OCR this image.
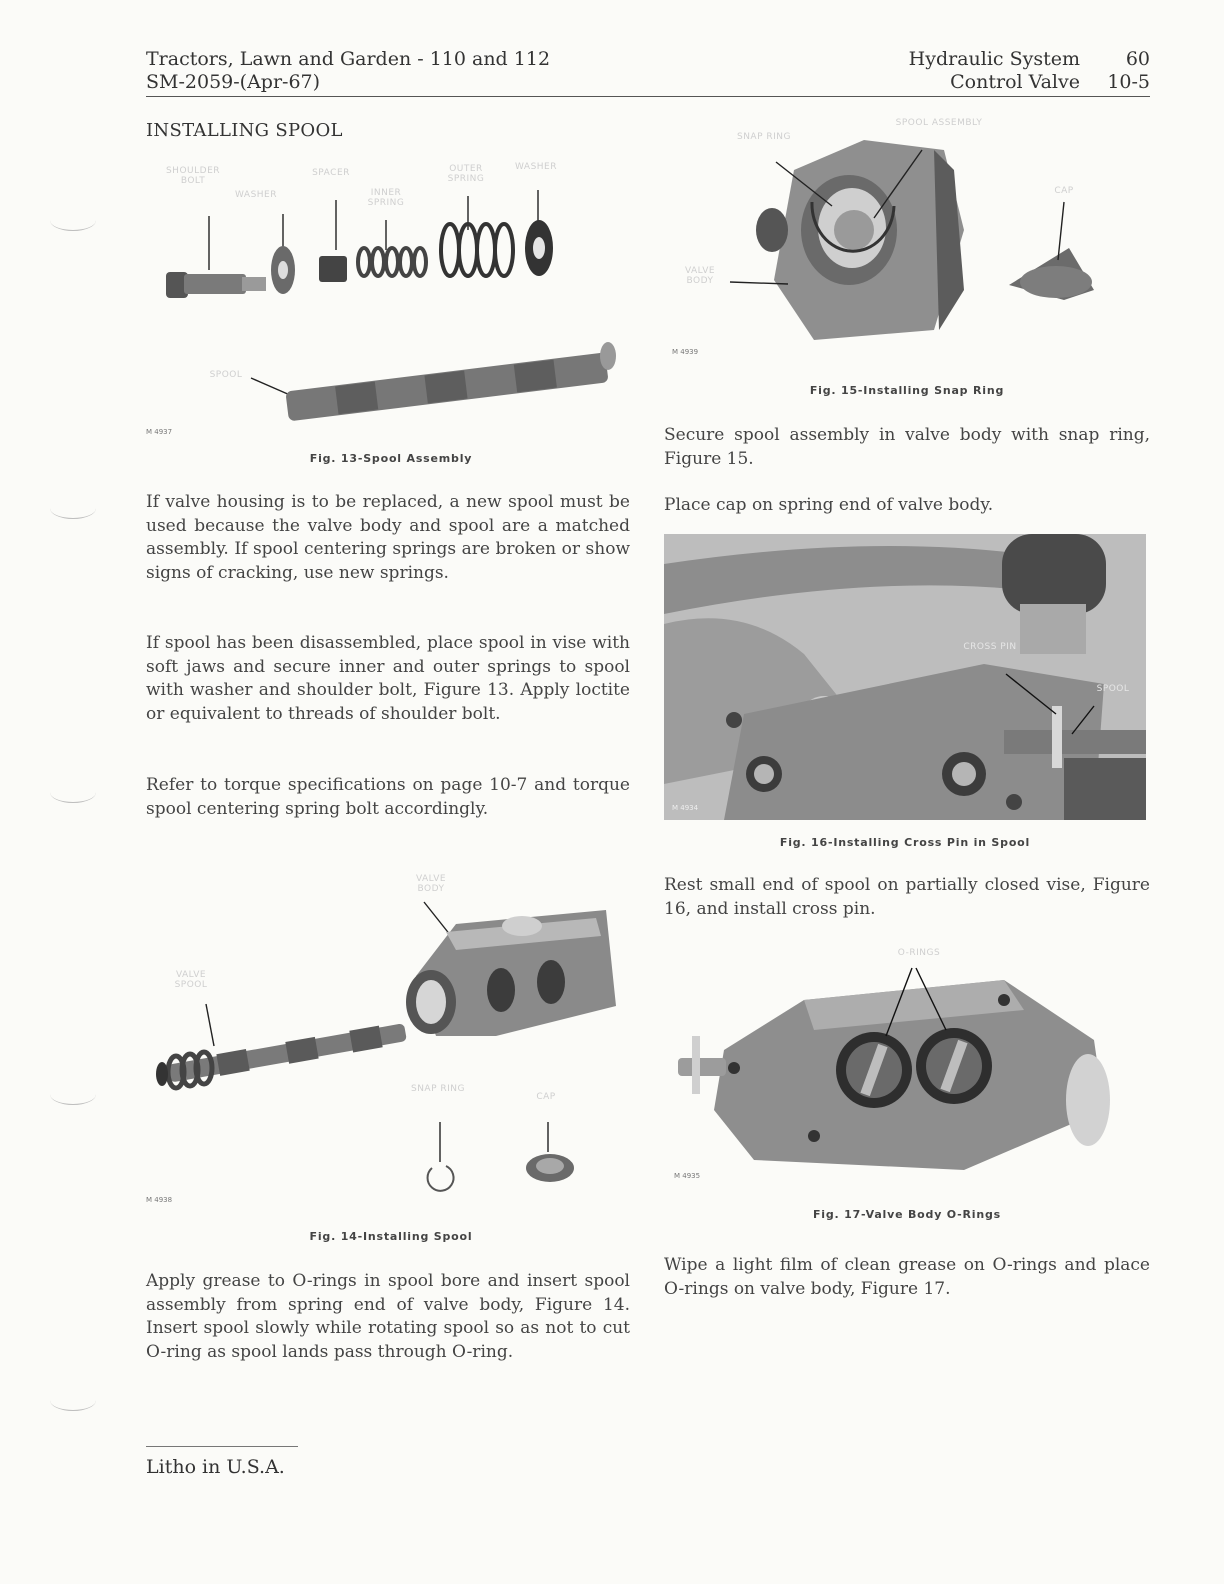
Tractors, Lawn and Garden - 110 and 112
SM-2059-(Apr-67)
Hydraulic System
Control Valve
60
10-5
INSTALLING SPOOL
SHOULDER BOLT
WASHER
SPACER
INNER SPRING
OUTER SPRING
WASHER
SPOOL
M 4937
Fig. 13-Spool Assembly
If valve housing is to be replaced, a new spool must be used because the valve body and spool are a matched assembly. If spool centering springs are broken or show signs of cracking, use new springs.
If spool has been disassembled, place spool in vise with soft jaws and secure inner and outer springs to spool with washer and shoulder bolt, Figure 13. Apply loctite or equivalent to threads of shoulder bolt.
Refer to torque specifications on page 10-7 and torque spool centering spring bolt accordingly.
VALVE BODY
VALVE SPOOL
SNAP RING
CAP
M 4938
Fig. 14-Installing Spool
Apply grease to O-rings in spool bore and insert spool assembly from spring end of valve body, Figure 14. Insert spool slowly while rotating spool so as not to cut O-ring as spool lands pass through O-ring.
SNAP RING
SPOOL ASSEMBLY
CAP
VALVE BODY
M 4939
Fig. 15-Installing Snap Ring
Secure spool assembly in valve body with snap ring, Figure 15.
Place cap on spring end of valve body.
CROSS PIN
SPOOL
M 4934
Fig. 16-Installing Cross Pin in Spool
Rest small end of spool on partially closed vise, Figure 16, and install cross pin.
O-RINGS
M 4935
Fig. 17-Valve Body O-Rings
Wipe a light film of clean grease on O-rings and place O-rings on valve body, Figure 17.
Litho in U.S.A.
